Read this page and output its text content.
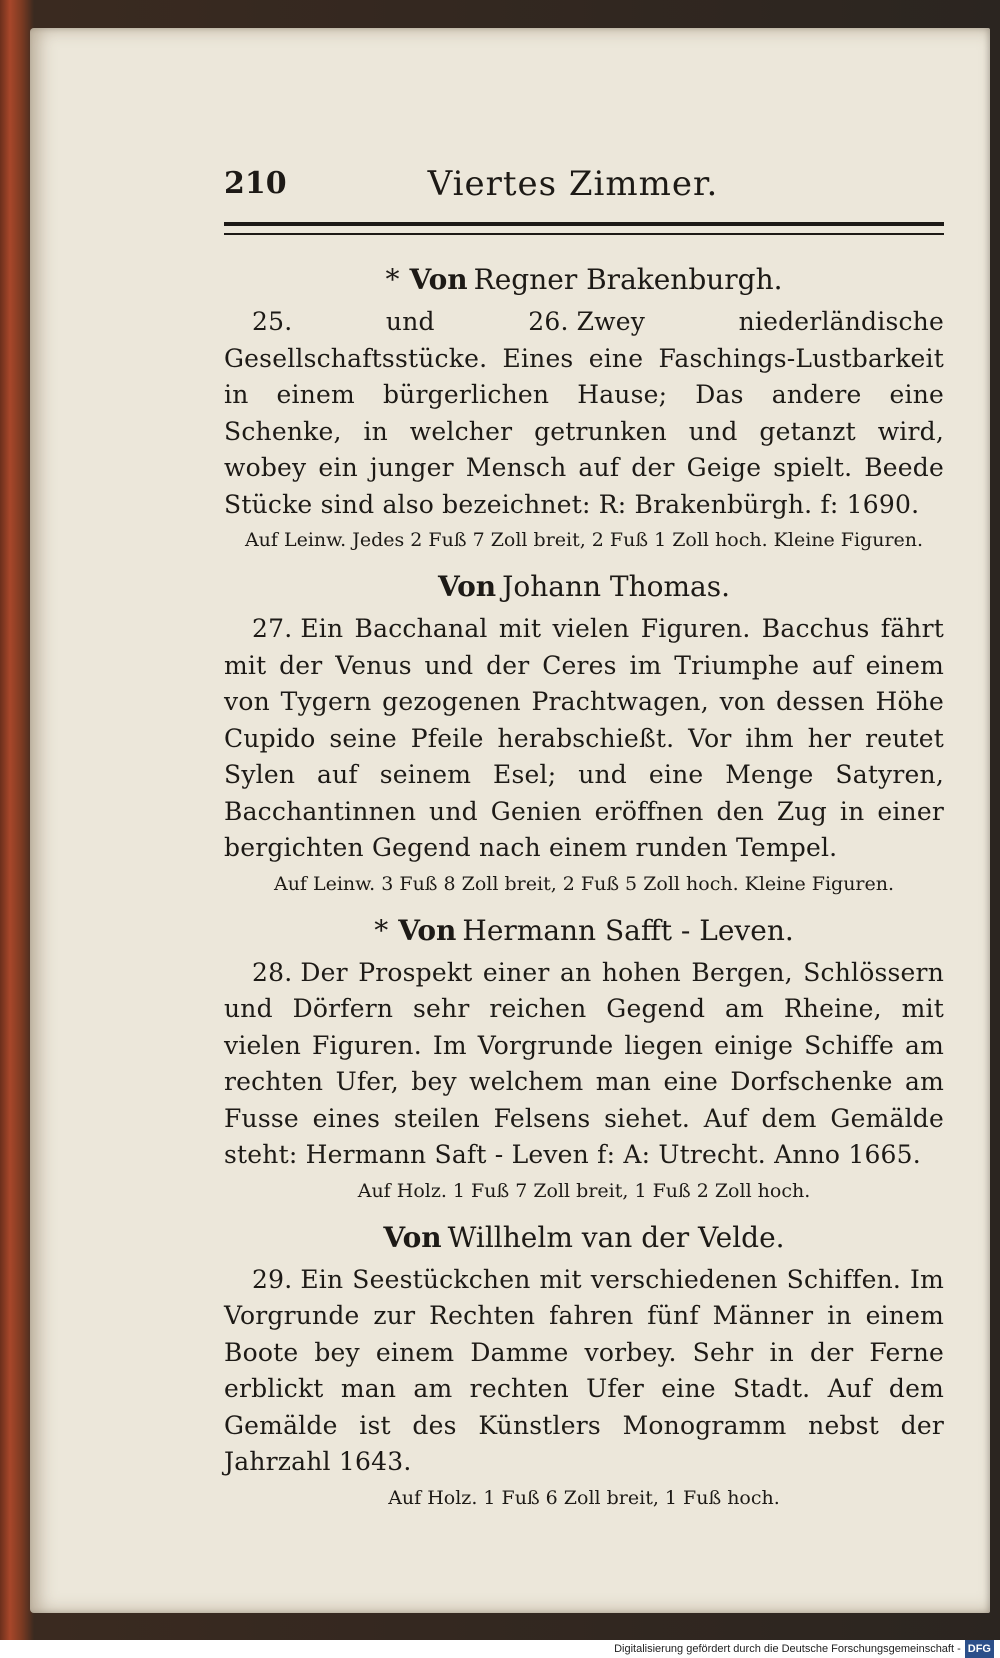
210	Viertes Zimmer.
* Von Regner Brakenburgh.

25. und 26. Zwey niederländische Gesellschaftsstücke. Eines eine Faschings-Lustbarkeit in einem bürgerlichen Hause; Das andere eine Schenke, in welcher getrunken und getanzt wird, wobey ein junger Mensch auf der Geige spielt. Beede Stücke sind also bezeichnet: R: Brakenbürgh. f: 1690.

Auf Leinw. Jedes 2 Fuß 7 Zoll breit, 2 Fuß 1 Zoll hoch. Kleine Figuren.
Von Johann Thomas.

27. Ein Bacchanal mit vielen Figuren. Bacchus fährt mit der Venus und der Ceres im Triumphe auf einem von Tygern gezogenen Prachtwagen, von dessen Höhe Cupido seine Pfeile herabschießt. Vor ihm her reutet Sylen auf seinem Esel; und eine Menge Satyren, Bacchantinnen und Genien eröffnen den Zug in einer bergichten Gegend nach einem runden Tempel.

Auf Leinw. 3 Fuß 8 Zoll breit, 2 Fuß 5 Zoll hoch. Kleine Figuren.
* Von Hermann Safft - Leven.

28. Der Prospekt einer an hohen Bergen, Schlössern und Dörfern sehr reichen Gegend am Rheine, mit vielen Figuren. Im Vorgrunde liegen einige Schiffe am rechten Ufer, bey welchem man eine Dorfschenke am Fusse eines steilen Felsens siehet. Auf dem Gemälde steht: Hermann Saft - Leven f: A: Utrecht. Anno 1665.

Auf Holz. 1 Fuß 7 Zoll breit, 1 Fuß 2 Zoll hoch.
Von Willhelm van der Velde.

29. Ein Seestückchen mit verschiedenen Schiffen. Im Vorgrunde zur Rechten fahren fünf Männer in einem Boote bey einem Damme vorbey. Sehr in der Ferne erblickt man am rechten Ufer eine Stadt. Auf dem Gemälde ist des Künstlers Monogramm nebst der Jahrzahl 1643.

Auf Holz. 1 Fuß 6 Zoll breit, 1 Fuß hoch.
Digitalisierung gefördert durch die Deutsche Forschungsgemeinschaft - DFG
